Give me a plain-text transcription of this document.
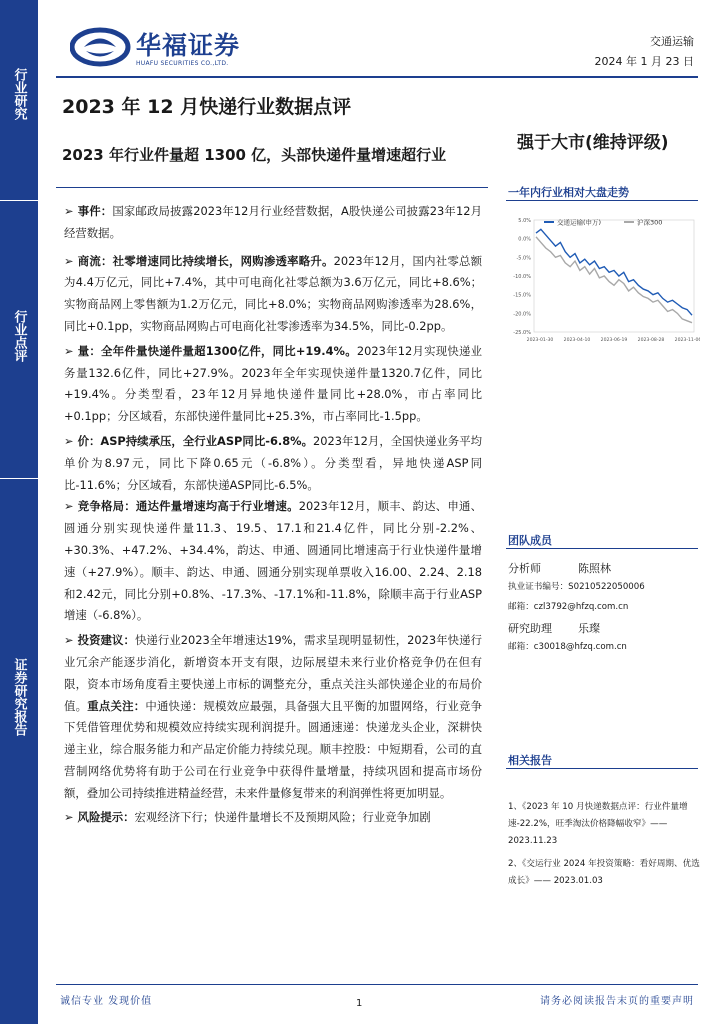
行业研究
行业点评
证券研究报告
华福证券
HUAFU SECURITIES CO.,LTD.
交通运输
2024 年 1 月 23 日
2023 年 12 月快递行业数据点评
强于大市(维持评级)
2023 年行业件量超 1300 亿，头部快递件量增速超行业

➢ 事件：国家邮政局披露2023年12月行业经营数据，A股快递公司披露23年12月经营数据。

➢ 商流：社零增速同比持续增长，网购渗透率略升。2023年12月，国内社零总额为4.4万亿元，同比+7.4%，其中可电商化社零总额为3.6万亿元，同比+8.6%；实物商品网上零售额为1.2万亿元，同比+8.0%；实物商品网购渗透率为28.6%，同比+0.1pp，实物商品网购占可电商化社零渗透率为34.5%，同比-0.2pp。

➢ 量：全年件量快递件量超1300亿件，同比+19.4%。2023年12月实现快递业务量132.6亿件，同比+27.9%。2023年全年实现快递件量1320.7亿件，同比+19.4%。分类型看，23年12月异地快递件量同比+28.0%，市占率同比+0.1pp；分区域看，东部快递件量同比+25.3%，市占率同比-1.5pp。

➢ 价：ASP持续承压，全行业ASP同比-6.8%。2023年12月，全国快递业务平均单价为8.97元，同比下降0.65元（-6.8%）。分类型看，异地快递ASP同比-11.6%；分区域看，东部快递ASP同比-6.5%。

➢ 竞争格局：通达件量增速均高于行业增速。2023年12月，顺丰、韵达、申通、圆通分别实现快递件量11.3、19.5、17.1和21.4亿件，同比分别-2.2%、+30.3%、+47.2%、+34.4%，韵达、申通、圆通同比增速高于行业快递件量增速（+27.9%）。顺丰、韵达、申通、圆通分别实现单票收入16.00、2.24、2.18和2.42元，同比分别+0.8%、-17.3%、-17.1%和-11.8%，除顺丰高于行业ASP增速（-6.8%）。

➢ 投资建议：快递行业2023全年增速达19%，需求呈现明显韧性，2023年快递行业冗余产能逐步消化，新增资本开支有限，边际展望未来行业价格竞争仍在但有限，资本市场角度看主要快递上市标的调整充分，重点关注头部快递企业的布局价值。重点关注：中通快递：规模效应最强，具备强大且平衡的加盟网络，行业竞争下凭借管理优势和规模效应持续实现利润提升。圆通速递：快递龙头企业，深耕快递主业，综合服务能力和产品定价能力持续兑现。顺丰控股：中短期看，公司的直营制网络优势将有助于公司在行业竞争中获得件量增量，持续巩固和提高市场份额，叠加公司持续推进精益经营，未来件量修复带来的利润弹性将更加明显。

➢ 风险提示：宏观经济下行；快递件量增长不及预期风险；行业竞争加剧

一年内行业相对大盘走势
5.0%
0.0%
-5.0%
-10.0%
-15.0%
-20.0%
-25.0%
2023-01-30 2023-04-10 2023-06-19 2023-08-28 2023-11-06
交通运输(申万)	沪深300
团队成员
分析师	陈照林
执业证书编号：S0210522050006
邮箱：czl3792@hfzq.com.cn
研究助理	乐璨
邮箱：c30018@hfzq.com.cn
相关报告
1、《2023 年 10 月快递数据点评：行业件量增速-22.2%，旺季淘汰价格降幅收窄》—— 2023.11.23
2、《交运行业 2024 年投资策略：看好周期、优选成长》—— 2023.01.03
诚信专业 发现价值	1	请务必阅读报告末页的重要声明
